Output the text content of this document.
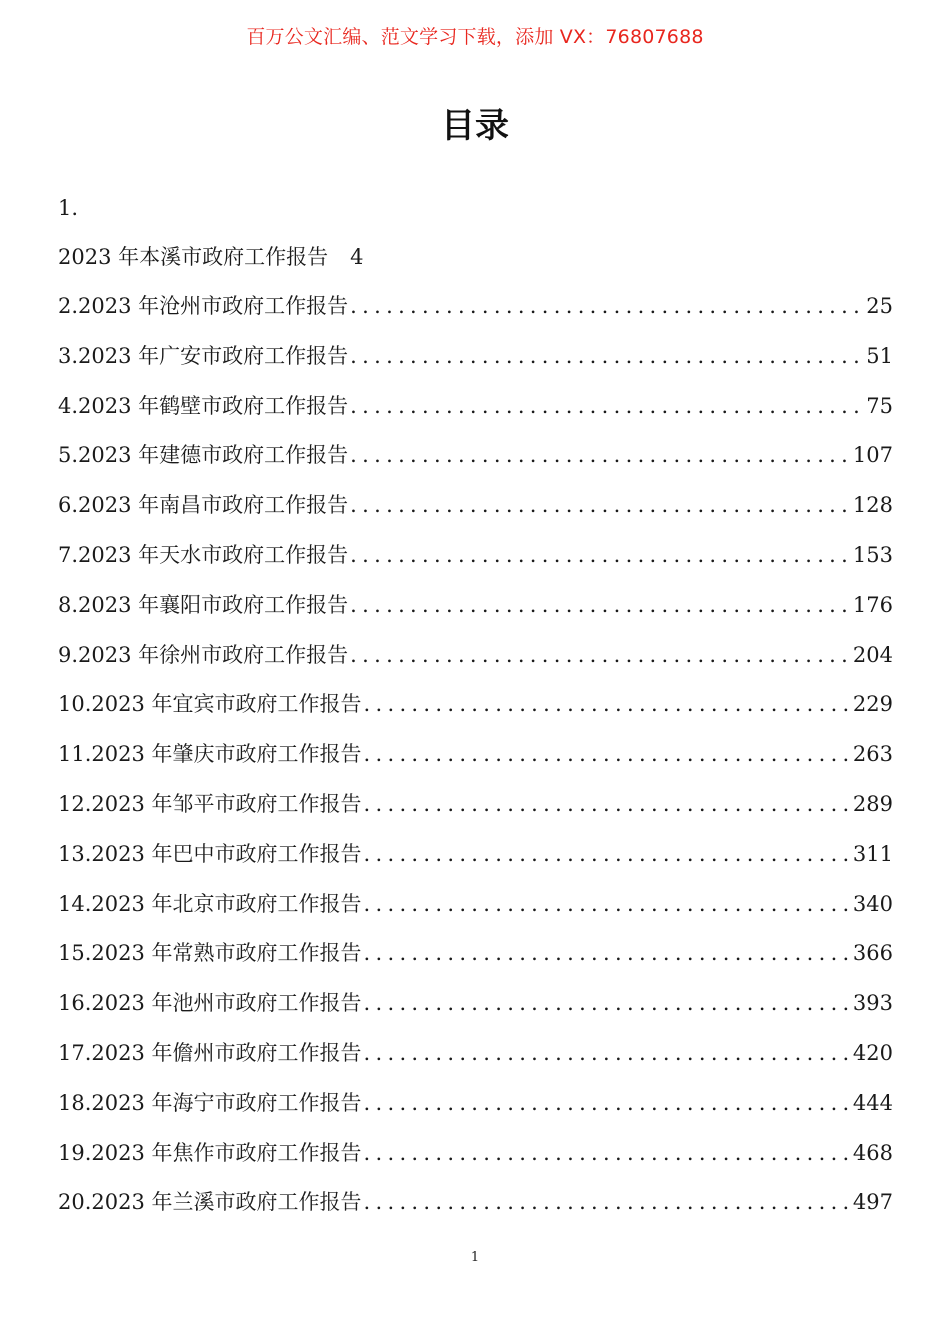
百万公文汇编、范文学习下载，添加 VX：76807688
目录
1.
2023 年本溪市政府工作报告 4
2. 2023 年沧州市政府工作报告 .....	25
3. 2023 年广安市政府工作报告 .....	51
4. 2023 年鹤壁市政府工作报告 .....	75
5. 2023 年建德市政府工作报告 .....	107
6. 2023 年南昌市政府工作报告 .....	128
7. 2023 年天水市政府工作报告 .....	153
8. 2023 年襄阳市政府工作报告 .....	176
9. 2023 年徐州市政府工作报告 .....	204
10. 2023 年宜宾市政府工作报告 .....	229
11. 2023 年肇庆市政府工作报告 .....	263
12. 2023 年邹平市政府工作报告 .....	289
13. 2023 年巴中市政府工作报告 .....	311
14. 2023 年北京市政府工作报告 .....	340
15. 2023 年常熟市政府工作报告 .....	366
16. 2023 年池州市政府工作报告 .....	393
17. 2023 年儋州市政府工作报告 .....	420
18. 2023 年海宁市政府工作报告 .....	444
19. 2023 年焦作市政府工作报告 .....	468
20. 2023 年兰溪市政府工作报告 .....	497
1
